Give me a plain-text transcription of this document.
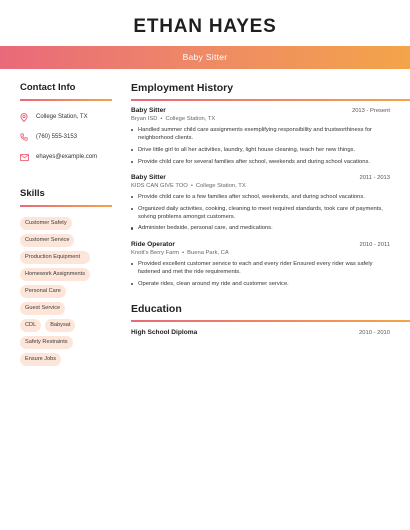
ETHAN HAYES
Baby Sitter
Contact Info
College Station, TX
(760) 555-3153
ehayes@example.com
Skills
Customer Safety
Customer Service
Production Equipment
Homework Assignments
Personal Care
Guest Service
CDL	Babysat
Safety Restraints
Ensure Jobs
Employment History
Baby Sitter	2013 - Present
Bryan ISD • College Station, TX
Handled summer child care assignments exemplifying responsibility and trustworthiness for neighborhood clients.
Drive little girl to all her activities, laundry, light house cleaning, teach her new things.
Provide child care for several families after school, weekends and during school vacations.
Baby Sitter	2011 - 2013
KIDS CAN GIVE TOO • College Station, TX
Provide child care to a few families after school, weekends, and during school vacations.
Organized daily activities, cooking, cleaning to meet required standards, took care of payments, solving problems amongst customers.
Administer bedside, personal care, and medications.
Ride Operator	2010 - 2011
Knott's Berry Farm • Buena Park, CA
Provided excellent customer service to each and every rider Ensured every rider was safely fastened and met the ride requirements.
Operate rides, clean around my ride and customer service.
Education
High School Diploma	2010 - 2010
